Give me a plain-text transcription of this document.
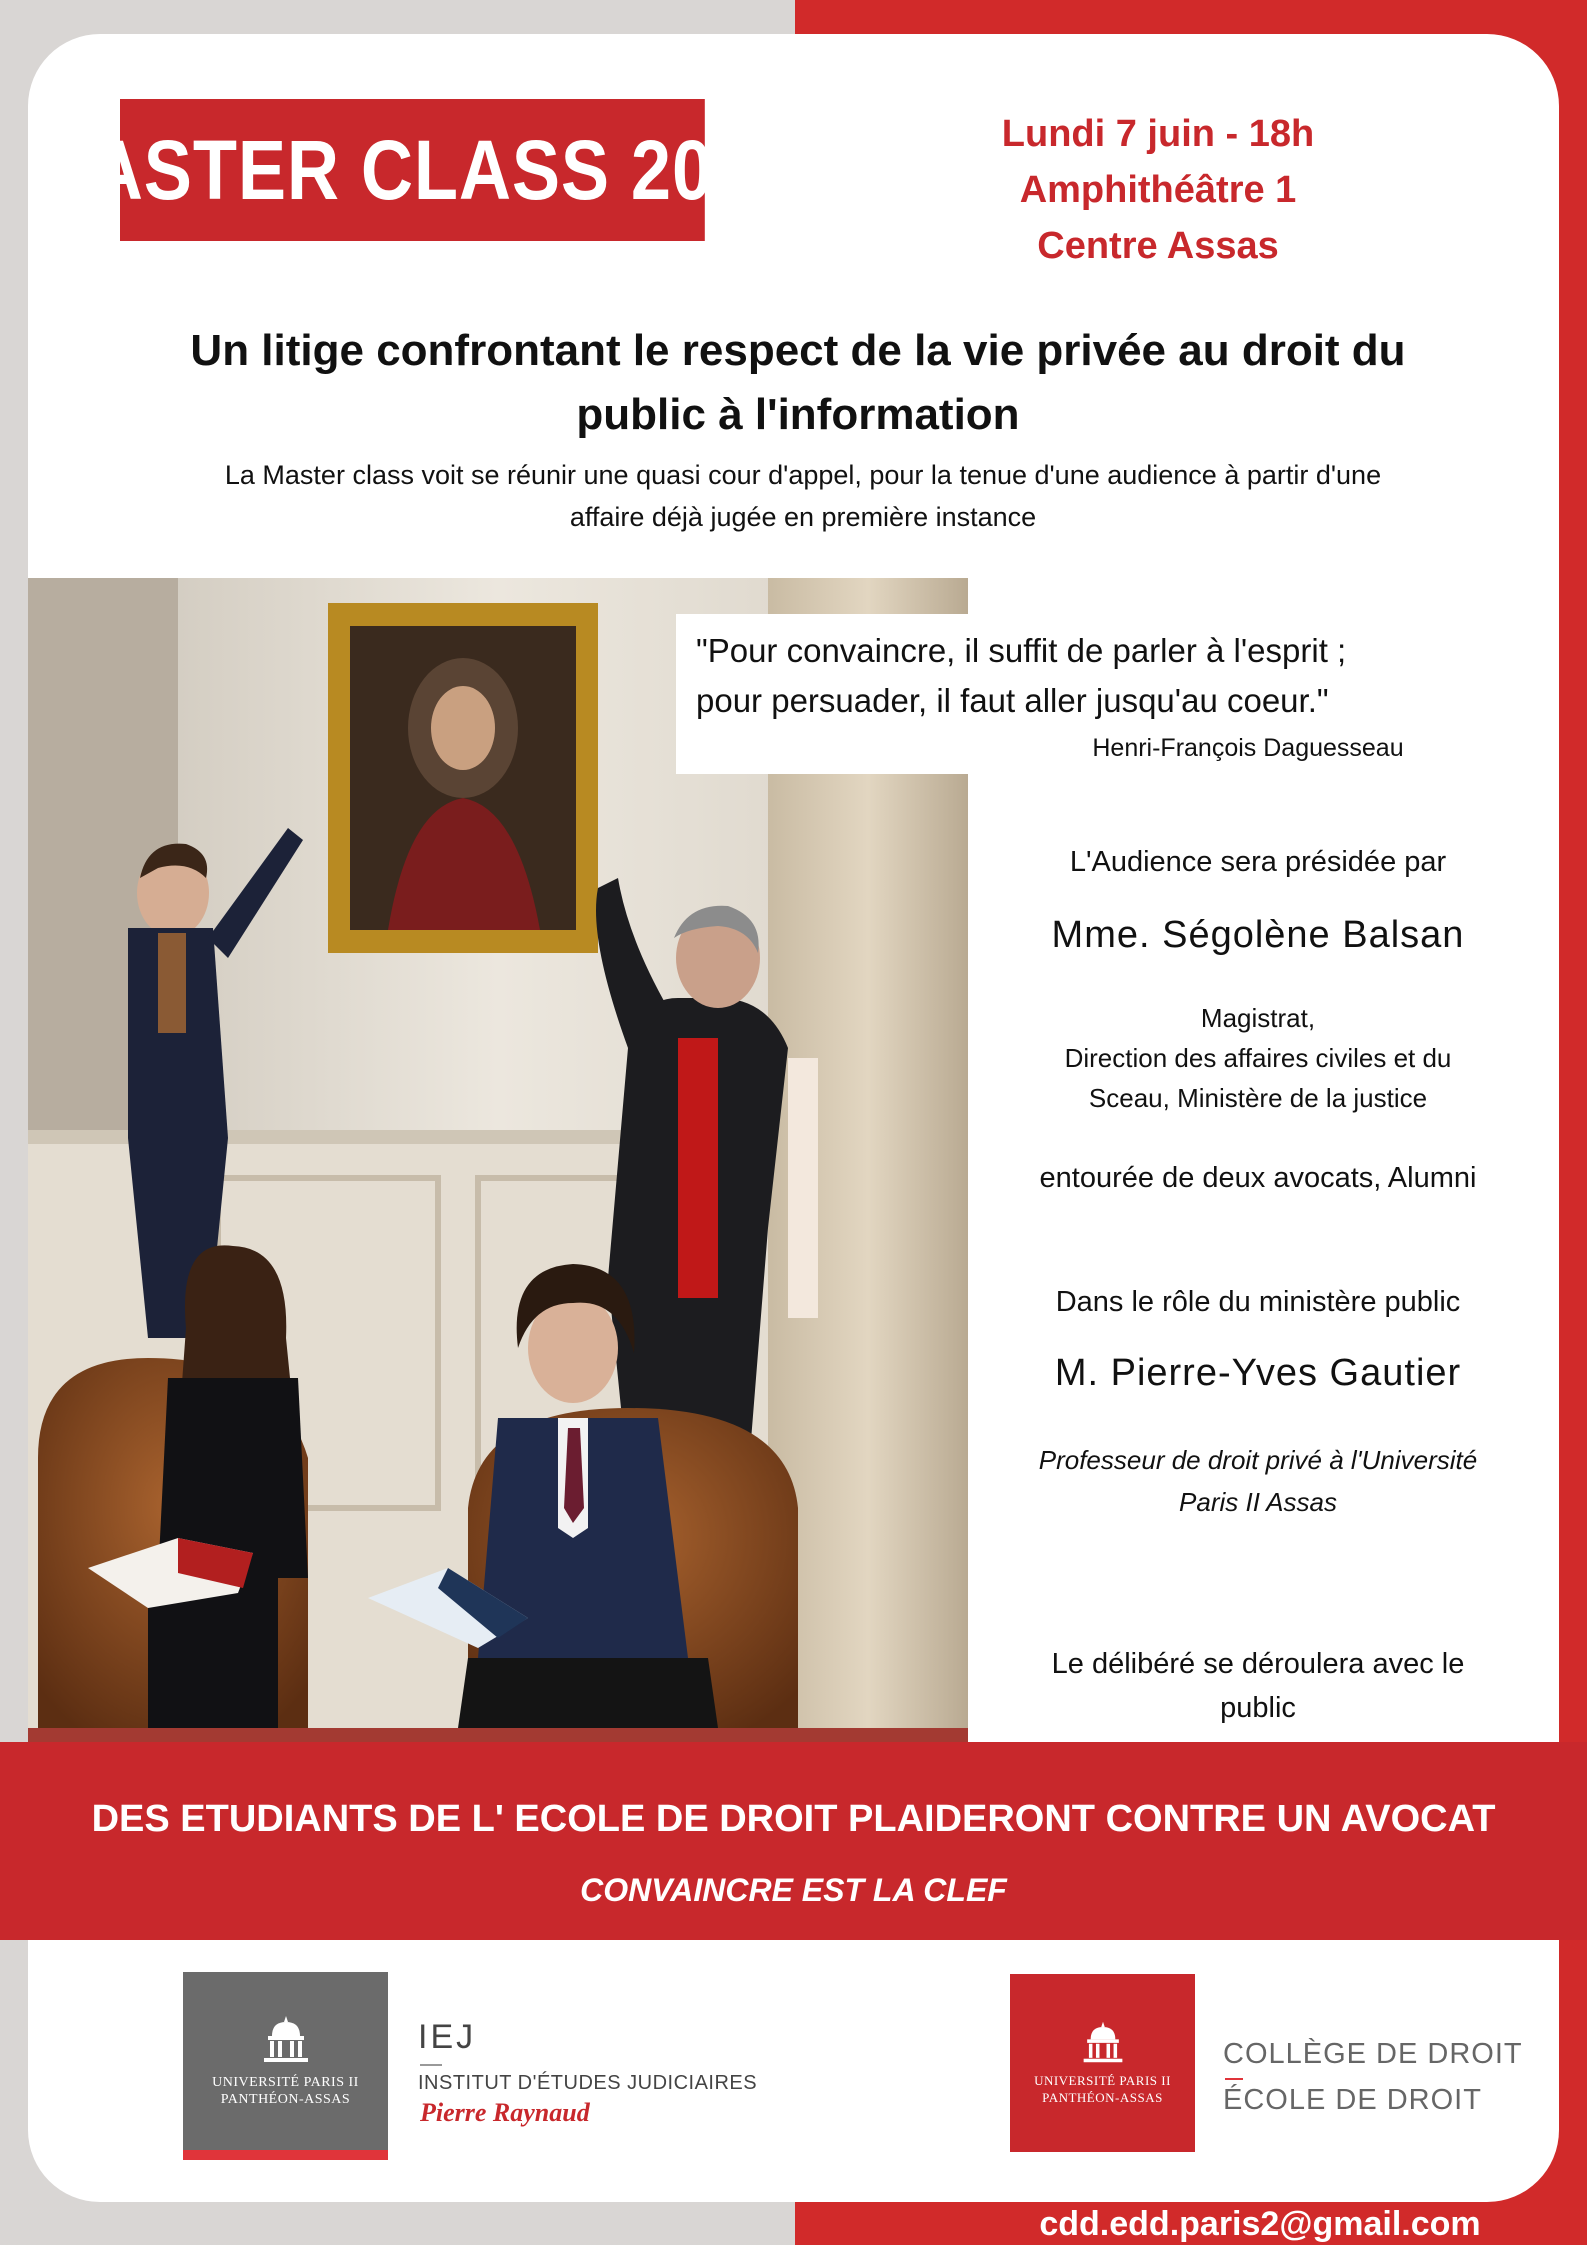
MASTER CLASS 2021	Lundi 7 juin - 18h
Amphithéâtre 1
Centre Assas
Un litige confrontant le respect de la vie privée au droit du
public à l'information
La Master class voit se réunir une quasi cour d'appel, pour la tenue d'une audience à partir d'une
affaire déjà jugée en première instance
"Pour convaincre, il suffit de parler à l'esprit ;
pour persuader, il faut aller jusqu'au coeur."
Henri-François Daguesseau
L'Audience sera présidée par
Mme. Ségolène Balsan
Magistrat,
Direction des affaires civiles et du
Sceau, Ministère de la justice
entourée de deux avocats, Alumni
Dans le rôle du ministère public
M. Pierre-Yves Gautier
Professeur de droit privé à l'Université
Paris II Assas
Le délibéré se déroulera avec le
public
UNIVERSITÉ PARIS II
PANTHÉON-ASSAS
IEJ
INSTITUT D'ÉTUDES JUDICIAIRES
Pierre Raynaud
UNIVERSITÉ PARIS II
PANTHÉON-ASSAS
COLLÈGE DE DROIT
ÉCOLE DE DROIT
DES ETUDIANTS DE L' ECOLE DE DROIT PLAIDERONT CONTRE UN AVOCAT
CONVAINCRE EST LA CLEF
cdd.edd.paris2@gmail.com
